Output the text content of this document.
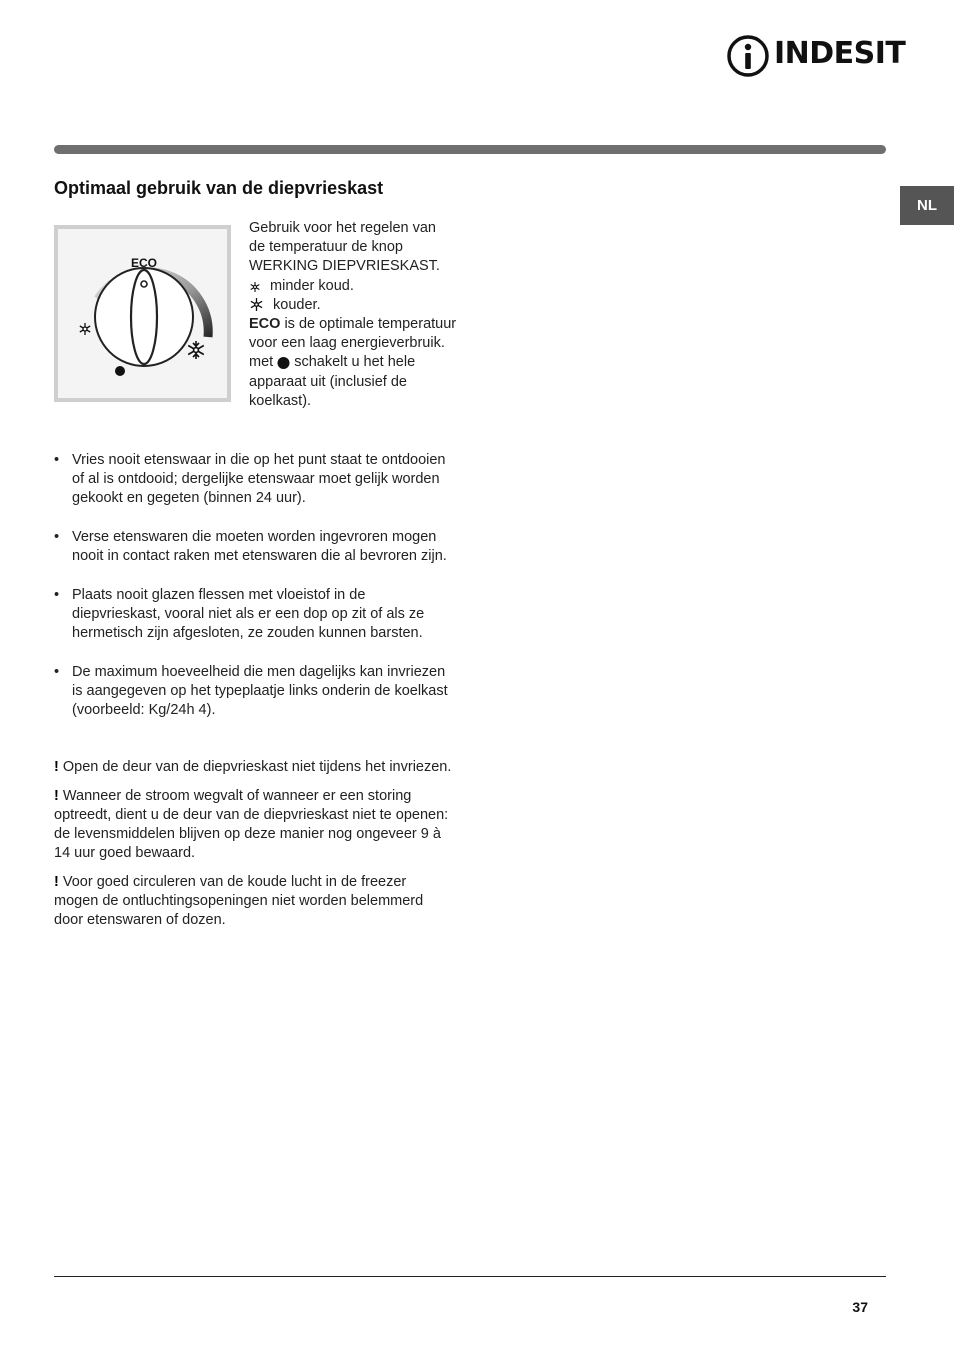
INDESIT
NL
Optimaal gebruik van de diepvrieskast
ECO
Gebruik voor het regelen van
de temperatuur de knop
WERKING DIEPVRIESKAST.
minder koud.
kouder.
ECO is de optimale temperatuur voor een laag energieverbruik.
met  schakelt u het hele apparaat uit (inclusief de koelkast).
• Vries nooit etenswaar in die op het punt staat te ontdooien of al is ontdooid; dergelijke etenswaar moet gelijk worden gekookt en gegeten (binnen 24 uur).
• Verse etenswaren die moeten worden ingevroren mogen nooit in contact raken met etenswaren die al bevroren zijn.
• Plaats nooit glazen flessen met vloeistof in de diepvrieskast, vooral niet als er een dop op zit of als ze hermetisch zijn afgesloten, ze zouden kunnen barsten.
• De maximum hoeveelheid die men dagelijks kan invriezen is aangegeven op het typeplaatje links onderin de koelkast (voorbeeld: Kg/24h 4).

! Open de deur van de diepvrieskast niet tijdens het invriezen.

! Wanneer de stroom wegvalt of wanneer er een storing optreedt, dient u de deur van de diepvrieskast niet te openen: de levensmiddelen blijven op deze manier nog ongeveer 9 à 14 uur goed bewaard.

! Voor goed circuleren van de koude lucht in de freezer mogen de ontluchtingsopeningen niet worden belemmerd door etenswaren of dozen.

37
